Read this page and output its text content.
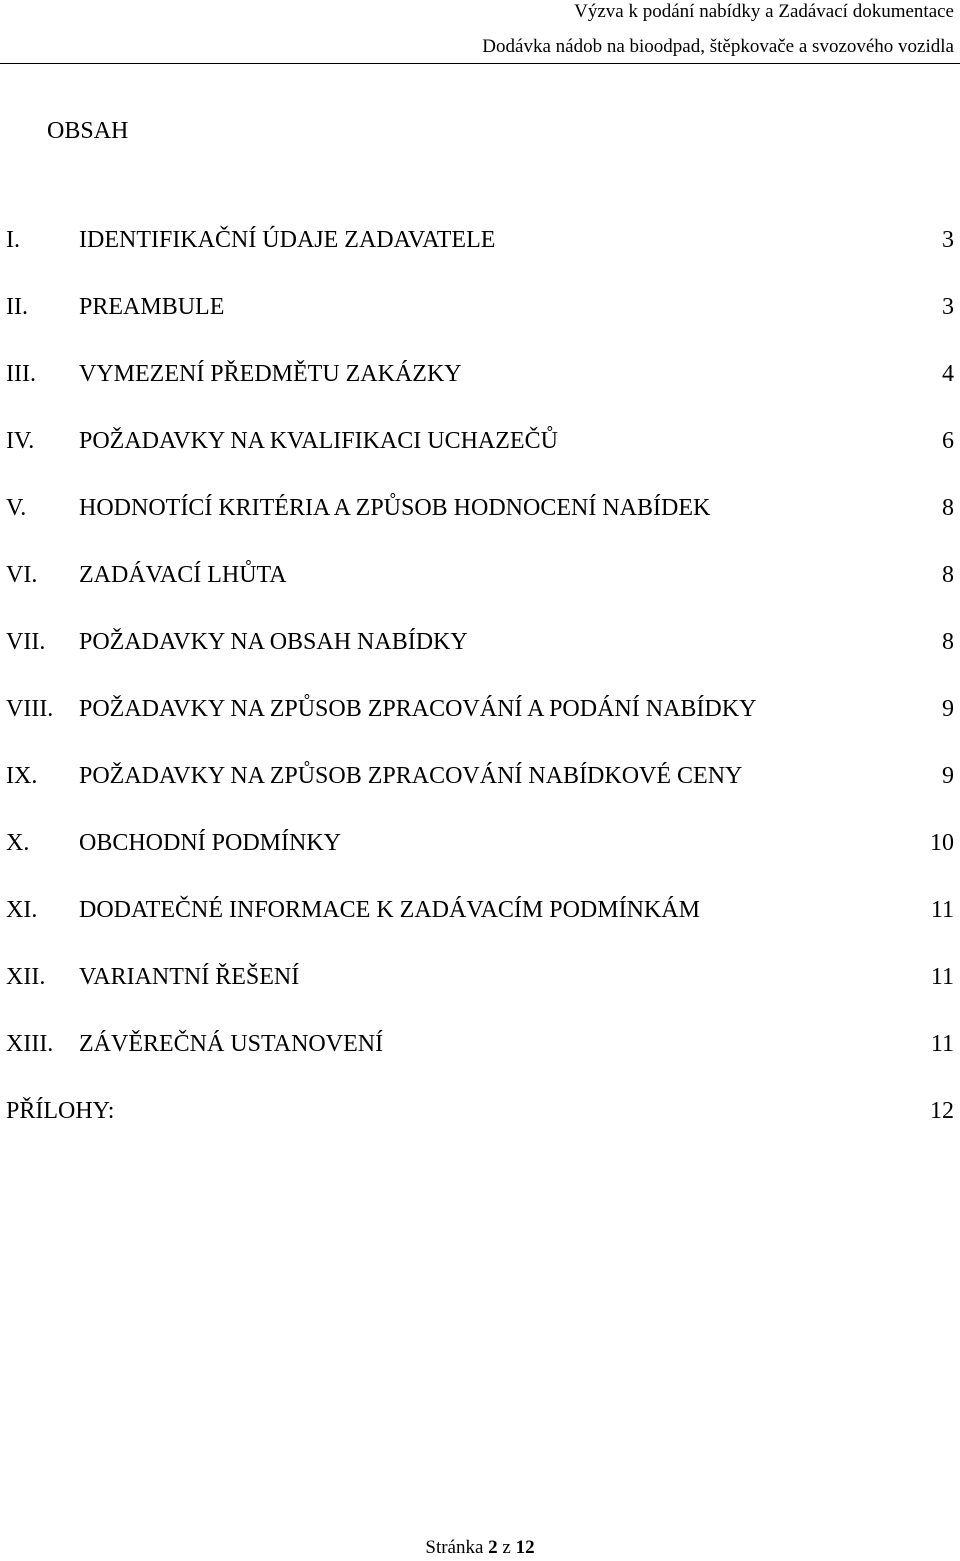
Výzva k podání nabídky a Zadávací dokumentace
Dodávka nádob na bioodpad, štěpkovače a svozového vozidla
OBSAH
I. IDENTIFIKAČNÍ ÚDAJE ZADAVATELE	3
II. PREAMBULE	3
III. VYMEZENÍ PŘEDMĚTU ZAKÁZKY	4
IV. POŽADAVKY NA KVALIFIKACI UCHAZEČŮ	6
V. HODNOTÍCÍ KRITÉRIA A ZPŮSOB HODNOCENÍ NABÍDEK	8
VI. ZADÁVACÍ LHŮTA	8
VII. POŽADAVKY NA OBSAH NABÍDKY	8
VIII. POŽADAVKY NA ZPŮSOB ZPRACOVÁNÍ A PODÁNÍ NABÍDKY	9
IX. POŽADAVKY NA ZPŮSOB ZPRACOVÁNÍ NABÍDKOVÉ CENY	9
X. OBCHODNÍ PODMÍNKY	10
XI. DODATEČNÉ INFORMACE K ZADÁVACÍM PODMÍNKÁM	11
XII. VARIANTNÍ ŘEŠENÍ	11
XIII. ZÁVĚREČNÁ USTANOVENÍ	11
PŘÍLOHY:	12
Stránka 2 z 12
